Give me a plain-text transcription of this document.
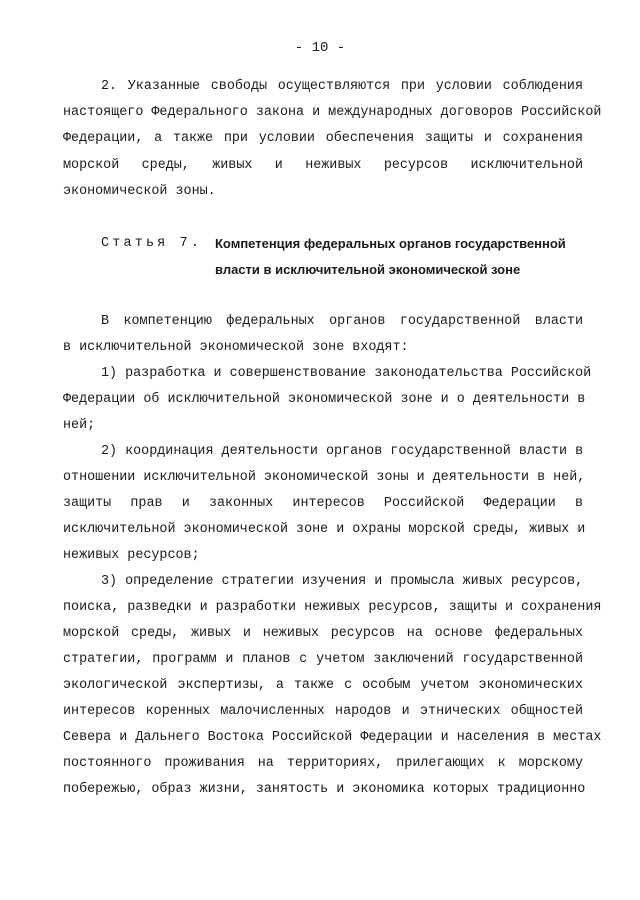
- 10 -
2. Указанные свободы осуществляются при условии соблюдения
настоящего Федерального закона и международных договоров Российской
Федерации, а также при условии обеспечения защиты и сохранения
морской среды, живых и неживых ресурсов исключительной
экономической зоны.
Статья 7. Компетенция федеральных органов государственной
власти в исключительной экономической зоне
В компетенцию федеральных органов государственной власти
в исключительной экономической зоне входят:
1) разработка и совершенствование законодательства Российской
Федерации об исключительной экономической зоне и о деятельности в
ней;
2) координация деятельности органов государственной власти в
отношении исключительной экономической зоны и деятельности в ней,
защиты прав и законных интересов Российской Федерации в
исключительной экономической зоне и охраны морской среды, живых и
неживых ресурсов;
3) определение стратегии изучения и промысла живых ресурсов,
поиска, разведки и разработки неживых ресурсов, защиты и сохранения
морской среды, живых и неживых ресурсов на основе федеральных
стратегии, программ и планов с учетом заключений государственной
экологической экспертизы, а также с особым учетом экономических
интересов коренных малочисленных народов и этнических общностей
Севера и Дальнего Востока Российской Федерации и населения в местах
постоянного проживания на территориях, прилегающих к морскому
побережью, образ жизни, занятость и экономика которых традиционно
